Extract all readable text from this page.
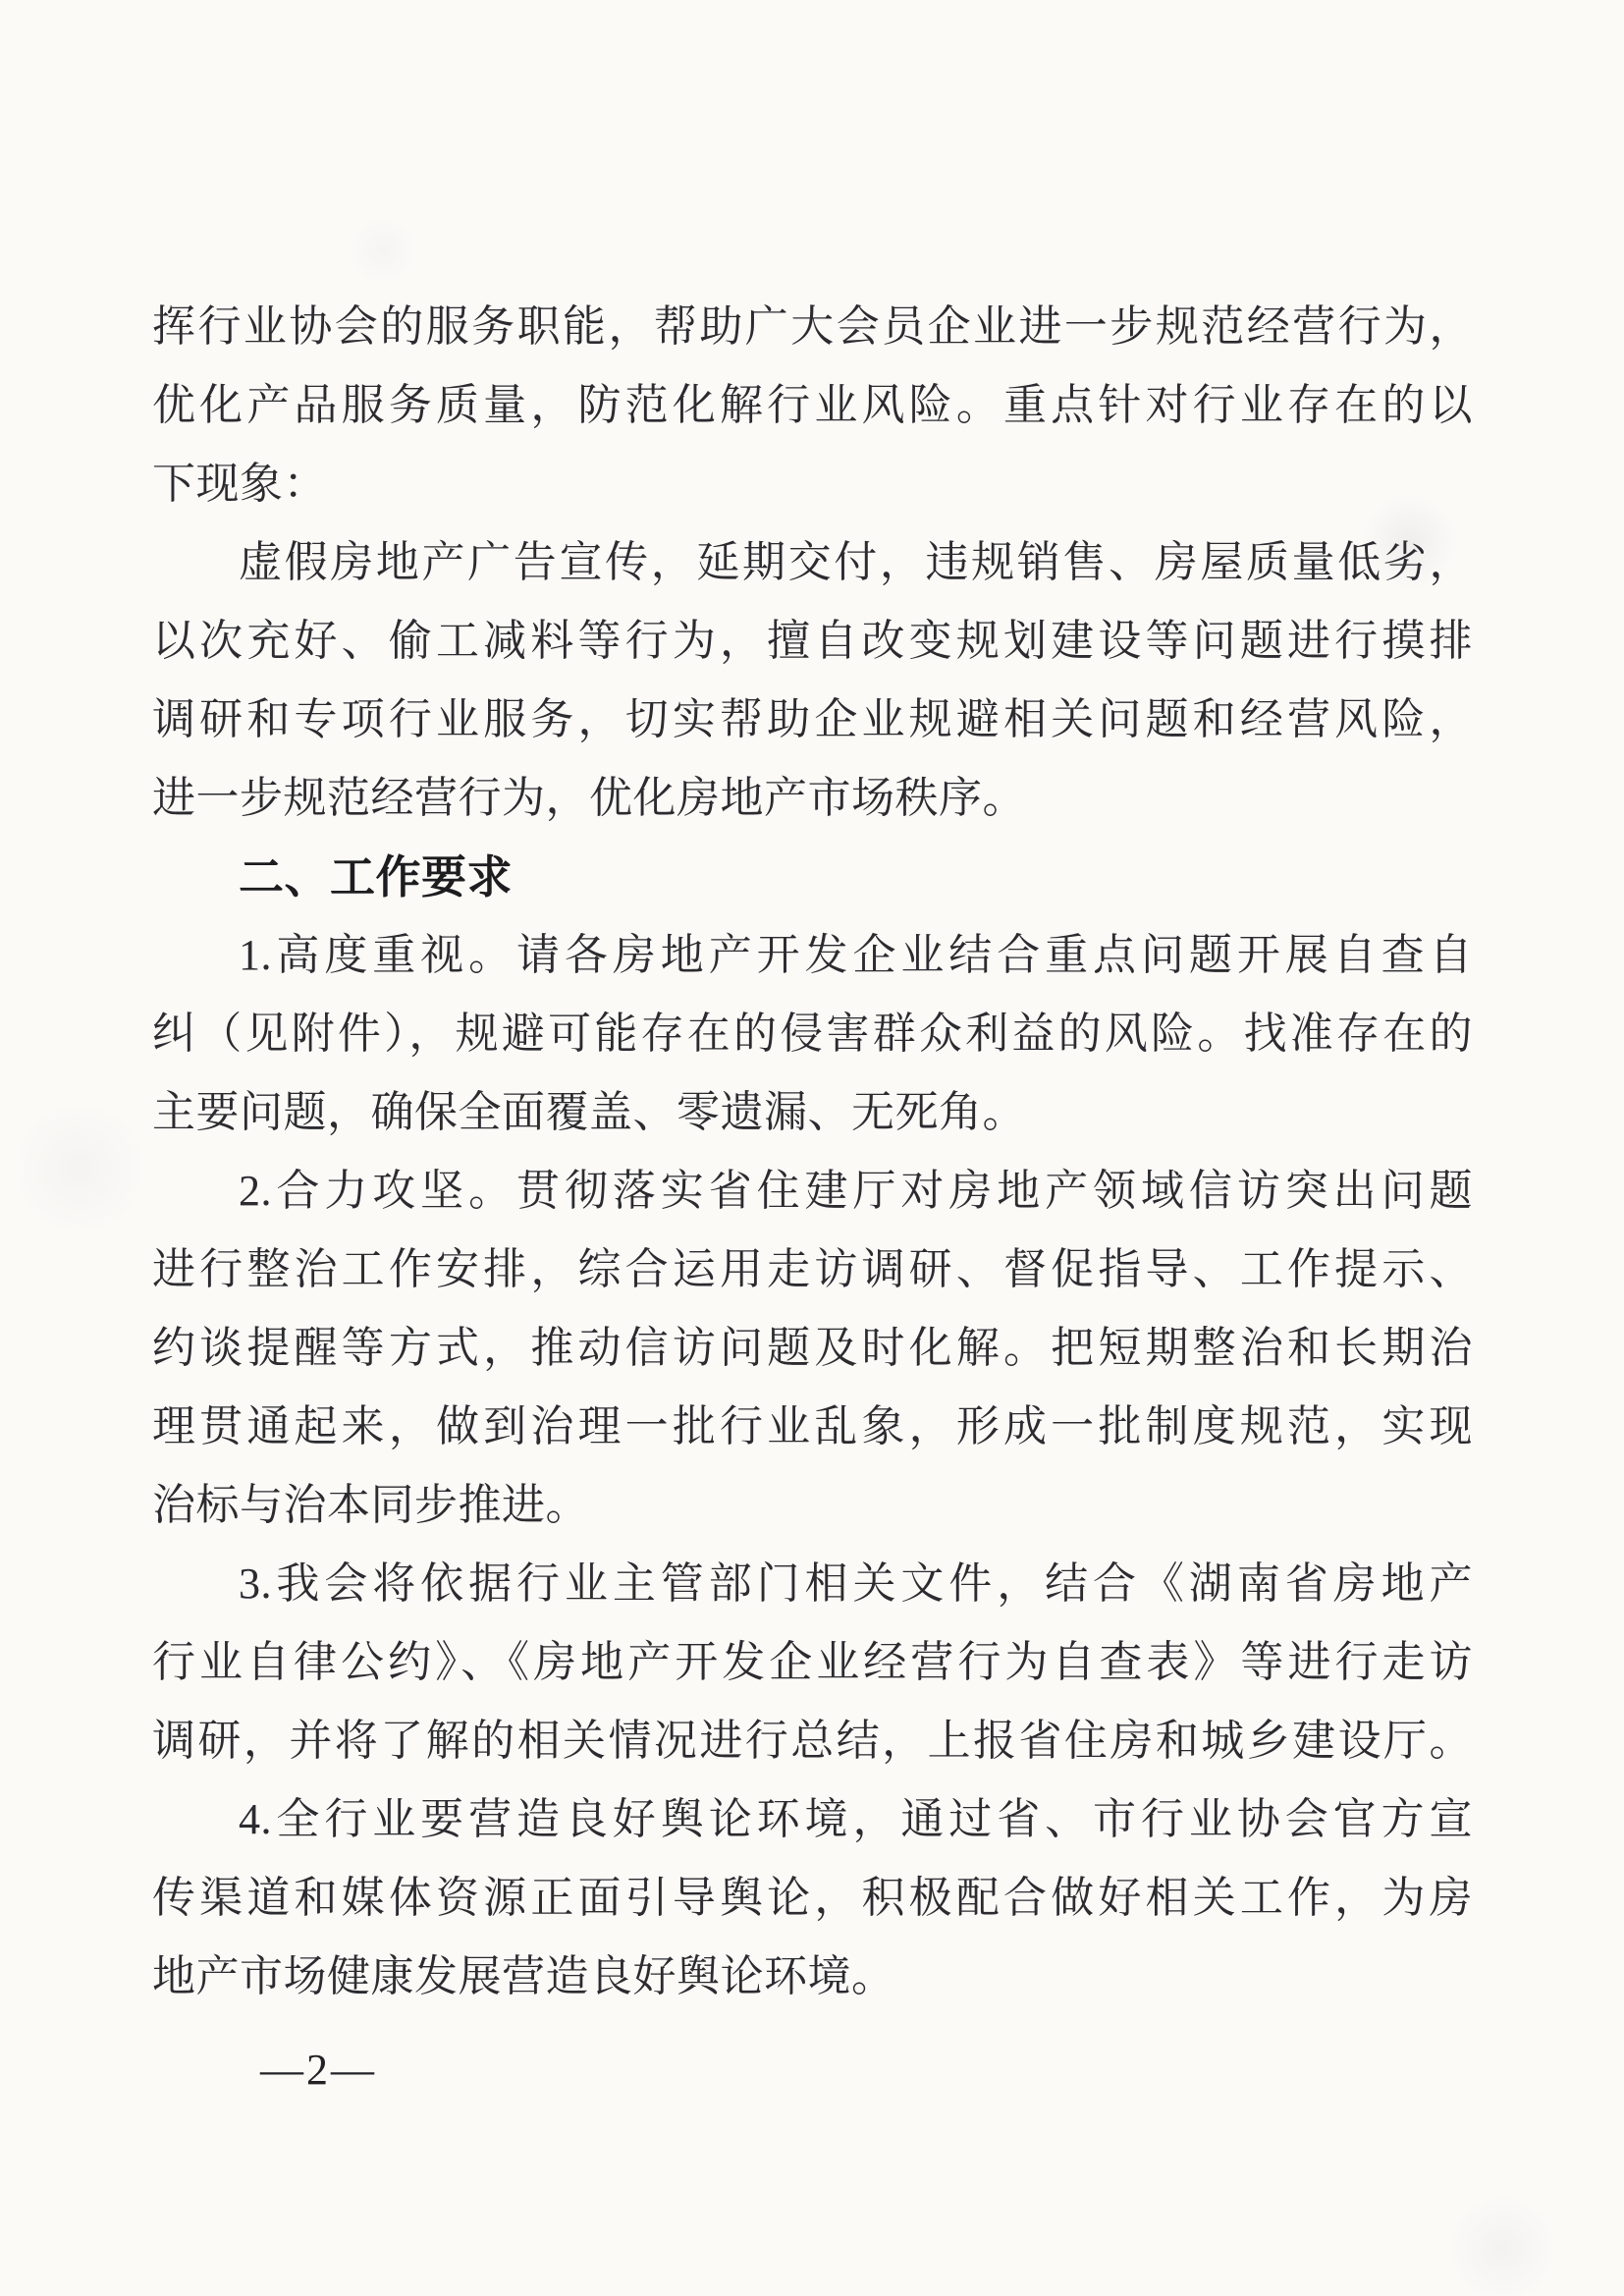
挥行业协会的服务职能，帮助广大会员企业进一步规范经营行为，
优化产品服务质量，防范化解行业风险。重点针对行业存在的以
下现象：
虚假房地产广告宣传，延期交付，违规销售、房屋质量低劣，
以次充好、偷工减料等行为，擅自改变规划建设等问题进行摸排
调研和专项行业服务，切实帮助企业规避相关问题和经营风险，
进一步规范经营行为，优化房地产市场秩序。
二、工作要求
1.高度重视。请各房地产开发企业结合重点问题开展自查自
纠（见附件），规避可能存在的侵害群众利益的风险。找准存在的
主要问题，确保全面覆盖、零遗漏、无死角。
2.合力攻坚。贯彻落实省住建厅对房地产领域信访突出问题
进行整治工作安排，综合运用走访调研、督促指导、工作提示、
约谈提醒等方式，推动信访问题及时化解。把短期整治和长期治
理贯通起来，做到治理一批行业乱象，形成一批制度规范，实现
治标与治本同步推进。
3.我会将依据行业主管部门相关文件，结合《湖南省房地产
行业自律公约》、《房地产开发企业经营行为自查表》等进行走访
调研，并将了解的相关情况进行总结，上报省住房和城乡建设厅。
4.全行业要营造良好舆论环境，通过省、市行业协会官方宣
传渠道和媒体资源正面引导舆论，积极配合做好相关工作，为房
地产市场健康发展营造良好舆论环境。
—2—
